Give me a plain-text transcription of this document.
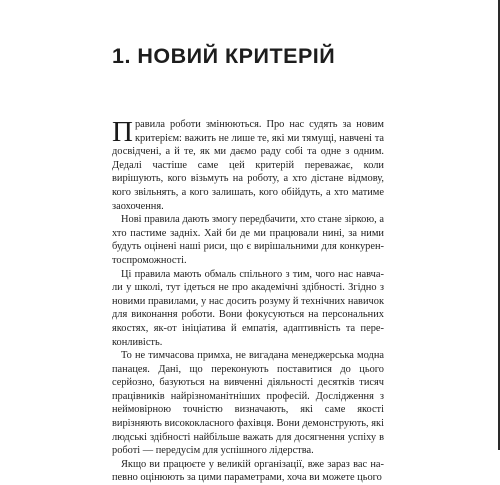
1. НОВИЙ КРИТЕРІЙ

Правила роботи змінюються. Про нас судять за новим критерієм: важить не лише те, які ми тямущі, навчені та досвідчені, а й те, як ми даємо раду собі та одне з одним. Дедалі частіше саме цей критерій переважає, коли вирішують, кого візьмуть на роботу, а хто дістане відмову, кого звільнять, а кого залишать, кого обійдуть, а хто матиме заохочення.

Нові правила дають змогу передбачити, хто стане зіркою, а хто пастиме задніх. Хай би де ми працювали нині, за ними будуть оцінені наші риси, що є вирішальними для конкурентоспроможності.

Ці правила мають обмаль спільного з тим, чого нас навчали у школі, тут ідеться не про академічні здібності. Згідно з новими правилами, у нас досить розуму й технічних навичок для виконання роботи. Вони фокусуються на персональних якостях, як-от ініціатива й емпатія, адаптивність та переконливість.

То не тимчасова примха, не вигадана менеджерська модна панацея. Дані, що переконують поставитися до цього серйозно, базуються на вивченні діяльності десятків тисяч працівників найрізноманітніших професій. Дослідження з неймовірною точністю визначають, які саме якості вирізняють висококласного фахівця. Вони демонструють, які людські здібності найбільше важать для досягнення успіху в роботі — передусім для успішного лідерства.

Якщо ви працюєте у великій організації, вже зараз вас напевно оцінюють за цими параметрами, хоча ви можете цього
